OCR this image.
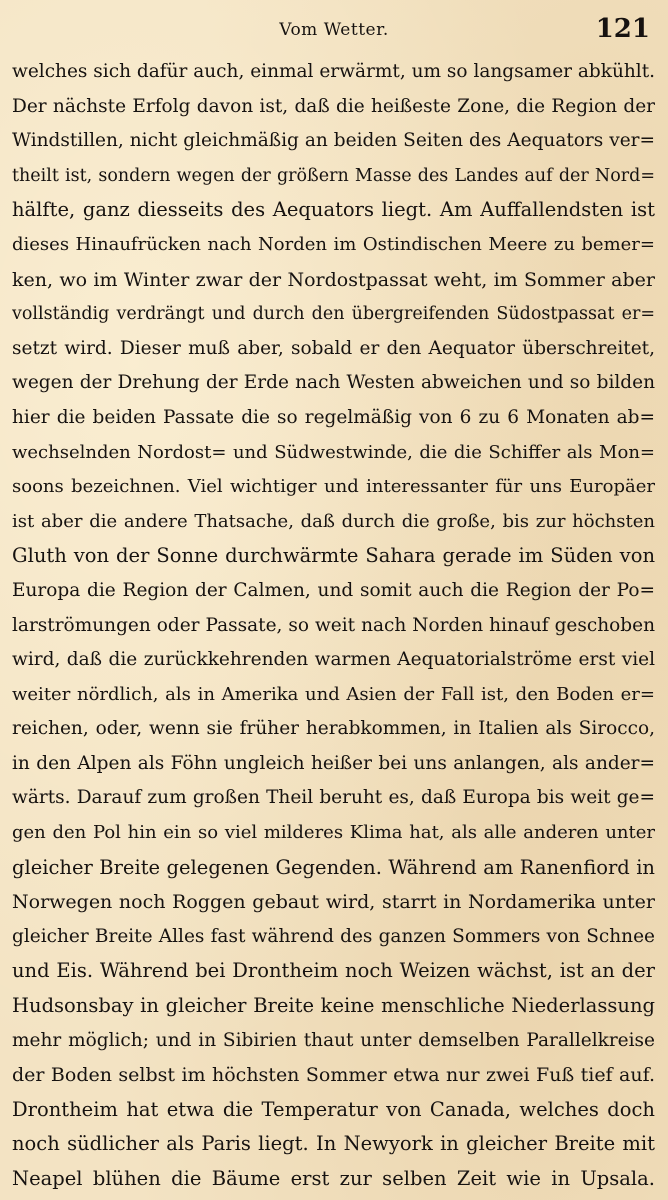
Vom Wetter.	121
welches sich dafür auch, einmal erwärmt, um so langsamer abkühlt.
Der nächste Erfolg davon ist, daß die heißeste Zone, die Region der
Windstillen, nicht gleichmäßig an beiden Seiten des Aequators ver=
theilt ist, sondern wegen der größern Masse des Landes auf der Nord=
hälfte, ganz diesseits des Aequators liegt. Am Auffallendsten ist
dieses Hinaufrücken nach Norden im Ostindischen Meere zu bemer=
ken, wo im Winter zwar der Nordostpassat weht, im Sommer aber
vollständig verdrängt und durch den übergreifenden Südostpassat er=
setzt wird. Dieser muß aber, sobald er den Aequator überschreitet,
wegen der Drehung der Erde nach Westen abweichen und so bilden
hier die beiden Passate die so regelmäßig von 6 zu 6 Monaten ab=
wechselnden Nordost= und Südwestwinde, die die Schiffer als Mon=
soons bezeichnen. Viel wichtiger und interessanter für uns Europäer
ist aber die andere Thatsache, daß durch die große, bis zur höchsten
Gluth von der Sonne durchwärmte Sahara gerade im Süden von
Europa die Region der Calmen, und somit auch die Region der Po=
larströmungen oder Passate, so weit nach Norden hinauf geschoben
wird, daß die zurückkehrenden warmen Aequatorialströme erst viel
weiter nördlich, als in Amerika und Asien der Fall ist, den Boden er=
reichen, oder, wenn sie früher herabkommen, in Italien als Sirocco,
in den Alpen als Föhn ungleich heißer bei uns anlangen, als ander=
wärts. Darauf zum großen Theil beruht es, daß Europa bis weit ge=
gen den Pol hin ein so viel milderes Klima hat, als alle anderen unter
gleicher Breite gelegenen Gegenden. Während am Ranenfiord in
Norwegen noch Roggen gebaut wird, starrt in Nordamerika unter
gleicher Breite Alles fast während des ganzen Sommers von Schnee
und Eis. Während bei Drontheim noch Weizen wächst, ist an der
Hudsonsbay in gleicher Breite keine menschliche Niederlassung
mehr möglich; und in Sibirien thaut unter demselben Parallelkreise
der Boden selbst im höchsten Sommer etwa nur zwei Fuß tief auf.
Drontheim hat etwa die Temperatur von Canada, welches doch
noch südlicher als Paris liegt. In Newyork in gleicher Breite mit
Neapel blühen die Bäume erst zur selben Zeit wie in Upsala.
